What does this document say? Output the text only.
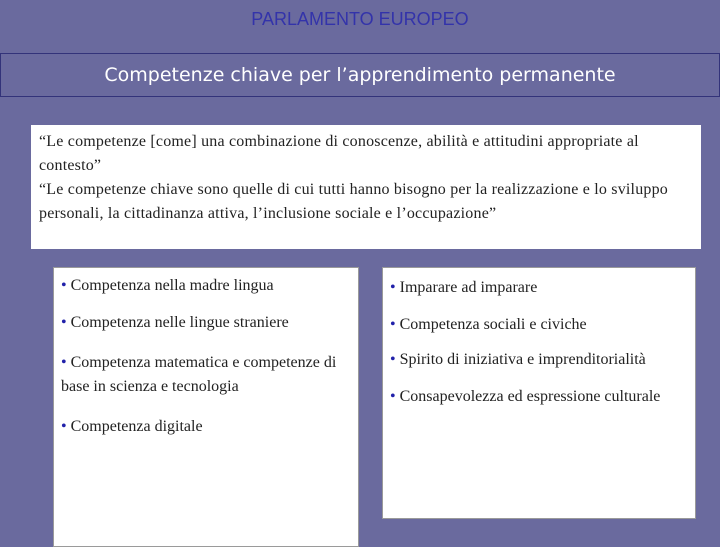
PARLAMENTO EUROPEO
Competenze chiave per l’apprendimento permanente

“Le competenze [come] una combinazione di conoscenze, abilità e attitudini appropriate al contesto”

“Le competenze chiave sono quelle di cui tutti hanno bisogno per la realizzazione e lo sviluppo personali, la cittadinanza attiva, l’inclusione sociale e l’occupazione”

• Competenza nella madre lingua

• Competenza nelle lingue straniere

• Competenza matematica e competenze di base in scienza e tecnologia

• Competenza digitale

• Imparare ad imparare

• Competenza sociali e civiche

• Spirito di iniziativa e imprenditorialità

• Consapevolezza ed espressione culturale
